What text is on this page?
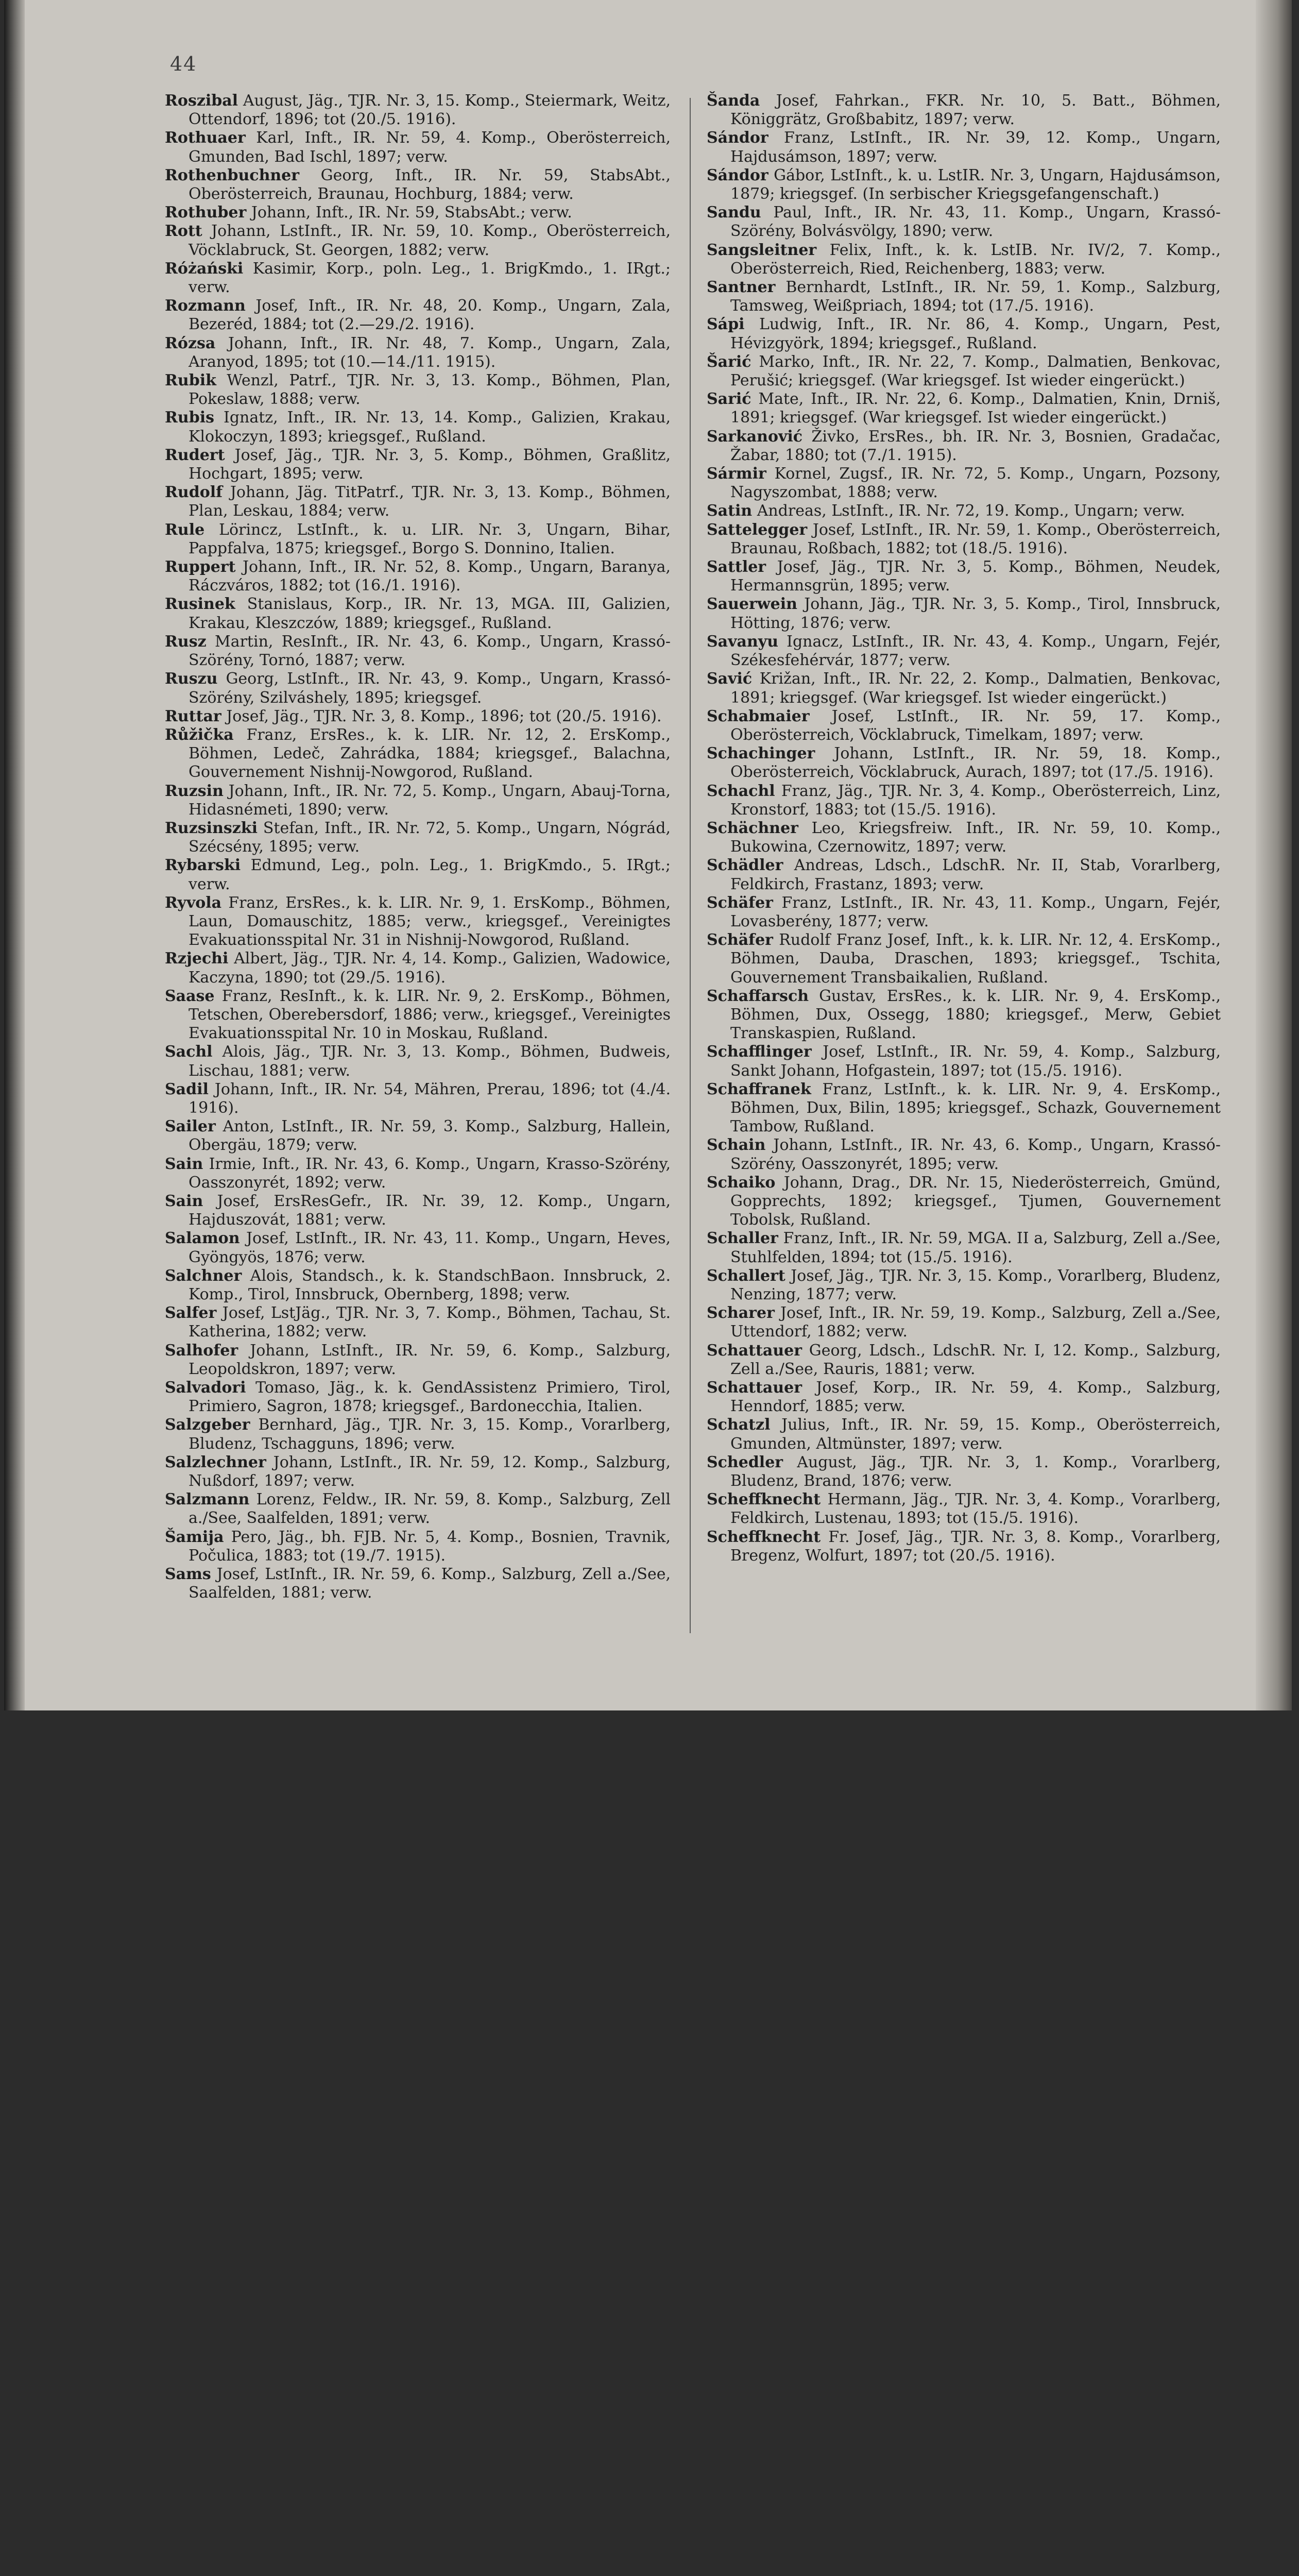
44

Roszibal August, Jäg., TJR. Nr. 3, 15. Komp., Steiermark, Weitz, Ottendorf, 1896; tot (20./5. 1916).

Rothuaer Karl, Inft., IR. Nr. 59, 4. Komp., Oberösterreich, Gmunden, Bad Ischl, 1897; verw.

Rothenbuchner Georg, Inft., IR. Nr. 59, StabsAbt., Oberösterreich, Braunau, Hochburg, 1884; verw.

Rothuber Johann, Inft., IR. Nr. 59, StabsAbt.; verw.

Rott Johann, LstInft., IR. Nr. 59, 10. Komp., Oberösterreich, Vöcklabruck, St. Georgen, 1882; verw.

Różański Kasimir, Korp., poln. Leg., 1. BrigKmdo., 1. IRgt.; verw.

Rozmann Josef, Inft., IR. Nr. 48, 20. Komp., Ungarn, Zala, Bezeréd, 1884; tot (2.—29./2. 1916).

Rózsa Johann, Inft., IR. Nr. 48, 7. Komp., Ungarn, Zala, Aranyod, 1895; tot (10.—14./11. 1915).

Rubik Wenzl, Patrf., TJR. Nr. 3, 13. Komp., Böhmen, Plan, Pokeslaw, 1888; verw.

Rubis Ignatz, Inft., IR. Nr. 13, 14. Komp., Galizien, Krakau, Klokoczyn, 1893; kriegsgef., Rußland.

Rudert Josef, Jäg., TJR. Nr. 3, 5. Komp., Böhmen, Graßlitz, Hochgart, 1895; verw.

Rudolf Johann, Jäg. TitPatrf., TJR. Nr. 3, 13. Komp., Böhmen, Plan, Leskau, 1884; verw.

Rule Lörincz, LstInft., k. u. LIR. Nr. 3, Ungarn, Bihar, Pappfalva, 1875; kriegsgef., Borgo S. Donnino, Italien.

Ruppert Johann, Inft., IR. Nr. 52, 8. Komp., Ungarn, Baranya, Ráczváros, 1882; tot (16./1. 1916).

Rusinek Stanislaus, Korp., IR. Nr. 13, MGA. III, Galizien, Krakau, Kleszczów, 1889; kriegsgef., Rußland.

Rusz Martin, ResInft., IR. Nr. 43, 6. Komp., Ungarn, Krassó-Szörény, Tornó, 1887; verw.

Ruszu Georg, LstInft., IR. Nr. 43, 9. Komp., Ungarn, Krassó-Szörény, Szilváshely, 1895; kriegsgef.

Ruttar Josef, Jäg., TJR. Nr. 3, 8. Komp., 1896; tot (20./5. 1916).

Růžička Franz, ErsRes., k. k. LIR. Nr. 12, 2. ErsKomp., Böhmen, Ledeč, Zahrádka, 1884; kriegsgef., Balachna, Gouvernement Nishnij-Nowgorod, Rußland.

Ruzsin Johann, Inft., IR. Nr. 72, 5. Komp., Ungarn, Abauj-Torna, Hidasnémeti, 1890; verw.

Ruzsinszki Stefan, Inft., IR. Nr. 72, 5. Komp., Ungarn, Nógrád, Szécsény, 1895; verw.

Rybarski Edmund, Leg., poln. Leg., 1. BrigKmdo., 5. IRgt.; verw.

Ryvola Franz, ErsRes., k. k. LIR. Nr. 9, 1. ErsKomp., Böhmen, Laun, Domauschitz, 1885; verw., kriegsgef., Vereinigtes Evakuationsspital Nr. 31 in Nishnij-Nowgorod, Rußland.

Rzjechi Albert, Jäg., TJR. Nr. 4, 14. Komp., Galizien, Wadowice, Kaczyna, 1890; tot (29./5. 1916).

Saase Franz, ResInft., k. k. LIR. Nr. 9, 2. ErsKomp., Böhmen, Tetschen, Oberebersdorf, 1886; verw., kriegsgef., Vereinigtes Evakuationsspital Nr. 10 in Moskau, Rußland.

Sachl Alois, Jäg., TJR. Nr. 3, 13. Komp., Böhmen, Budweis, Lischau, 1881; verw.

Sadil Johann, Inft., IR. Nr. 54, Mähren, Prerau, 1896; tot (4./4. 1916).

Sailer Anton, LstInft., IR. Nr. 59, 3. Komp., Salzburg, Hallein, Obergäu, 1879; verw.

Sain Irmie, Inft., IR. Nr. 43, 6. Komp., Ungarn, Krasso-Szörény, Oasszonyrét, 1892; verw.

Sain Josef, ErsResGefr., IR. Nr. 39, 12. Komp., Ungarn, Hajduszovát, 1881; verw.

Salamon Josef, LstInft., IR. Nr. 43, 11. Komp., Ungarn, Heves, Gyöngyös, 1876; verw.

Salchner Alois, Standsch., k. k. StandschBaon. Innsbruck, 2. Komp., Tirol, Innsbruck, Obernberg, 1898; verw.

Salfer Josef, LstJäg., TJR. Nr. 3, 7. Komp., Böhmen, Tachau, St. Katherina, 1882; verw.

Salhofer Johann, LstInft., IR. Nr. 59, 6. Komp., Salzburg, Leopoldskron, 1897; verw.

Salvadori Tomaso, Jäg., k. k. GendAssistenz Primiero, Tirol, Primiero, Sagron, 1878; kriegsgef., Bardonecchia, Italien.

Salzgeber Bernhard, Jäg., TJR. Nr. 3, 15. Komp., Vorarlberg, Bludenz, Tschagguns, 1896; verw.

Salzlechner Johann, LstInft., IR. Nr. 59, 12. Komp., Salzburg, Nußdorf, 1897; verw.

Salzmann Lorenz, Feldw., IR. Nr. 59, 8. Komp., Salzburg, Zell a./See, Saalfelden, 1891; verw.

Šamija Pero, Jäg., bh. FJB. Nr. 5, 4. Komp., Bosnien, Travnik, Počulica, 1883; tot (19./7. 1915).

Sams Josef, LstInft., IR. Nr. 59, 6. Komp., Salzburg, Zell a./See, Saalfelden, 1881; verw.

Šanda Josef, Fahrkan., FKR. Nr. 10, 5. Batt., Böhmen, Königgrätz, Großbabitz, 1897; verw.

Sándor Franz, LstInft., IR. Nr. 39, 12. Komp., Ungarn, Hajdusámson, 1897; verw.

Sándor Gábor, LstInft., k. u. LstIR. Nr. 3, Ungarn, Hajdusámson, 1879; kriegsgef. (In serbischer Kriegsgefangenschaft.)

Sandu Paul, Inft., IR. Nr. 43, 11. Komp., Ungarn, Krassó-Szörény, Bolvásvölgy, 1890; verw.

Sangsleitner Felix, Inft., k. k. LstIB. Nr. IV/2, 7. Komp., Oberösterreich, Ried, Reichenberg, 1883; verw.

Santner Bernhardt, LstInft., IR. Nr. 59, 1. Komp., Salzburg, Tamsweg, Weißpriach, 1894; tot (17./5. 1916).

Sápi Ludwig, Inft., IR. Nr. 86, 4. Komp., Ungarn, Pest, Hévizgyörk, 1894; kriegsgef., Rußland.

Šarić Marko, Inft., IR. Nr. 22, 7. Komp., Dalmatien, Benkovac, Perušić; kriegsgef. (War kriegsgef. Ist wieder eingerückt.)

Sarić Mate, Inft., IR. Nr. 22, 6. Komp., Dalmatien, Knin, Drniš, 1891; kriegsgef. (War kriegsgef. Ist wieder eingerückt.)

Sarkanović Živko, ErsRes., bh. IR. Nr. 3, Bosnien, Gradačac, Žabar, 1880; tot (7./1. 1915).

Sármir Kornel, Zugsf., IR. Nr. 72, 5. Komp., Ungarn, Pozsony, Nagyszombat, 1888; verw.

Satin Andreas, LstInft., IR. Nr. 72, 19. Komp., Ungarn; verw.

Sattelegger Josef, LstInft., IR. Nr. 59, 1. Komp., Oberösterreich, Braunau, Roßbach, 1882; tot (18./5. 1916).

Sattler Josef, Jäg., TJR. Nr. 3, 5. Komp., Böhmen, Neudek, Hermannsgrün, 1895; verw.

Sauerwein Johann, Jäg., TJR. Nr. 3, 5. Komp., Tirol, Innsbruck, Hötting, 1876; verw.

Savanyu Ignacz, LstInft., IR. Nr. 43, 4. Komp., Ungarn, Fejér, Székesfehérvár, 1877; verw.

Savić Križan, Inft., IR. Nr. 22, 2. Komp., Dalmatien, Benkovac, 1891; kriegsgef. (War kriegsgef. Ist wieder eingerückt.)

Schabmaier Josef, LstInft., IR. Nr. 59, 17. Komp., Oberösterreich, Vöcklabruck, Timelkam, 1897; verw.

Schachinger Johann, LstInft., IR. Nr. 59, 18. Komp., Oberösterreich, Vöcklabruck, Aurach, 1897; tot (17./5. 1916).

Schachl Franz, Jäg., TJR. Nr. 3, 4. Komp., Oberösterreich, Linz, Kronstorf, 1883; tot (15./5. 1916).

Schächner Leo, Kriegsfreiw. Inft., IR. Nr. 59, 10. Komp., Bukowina, Czernowitz, 1897; verw.

Schädler Andreas, Ldsch., LdschR. Nr. II, Stab, Vorarlberg, Feldkirch, Frastanz, 1893; verw.

Schäfer Franz, LstInft., IR. Nr. 43, 11. Komp., Ungarn, Fejér, Lovasberény, 1877; verw.

Schäfer Rudolf Franz Josef, Inft., k. k. LIR. Nr. 12, 4. ErsKomp., Böhmen, Dauba, Draschen, 1893; kriegsgef., Tschita, Gouvernement Transbaikalien, Rußland.

Schaffarsch Gustav, ErsRes., k. k. LIR. Nr. 9, 4. ErsKomp., Böhmen, Dux, Ossegg, 1880; kriegsgef., Merw, Gebiet Transkaspien, Rußland.

Schafflinger Josef, LstInft., IR. Nr. 59, 4. Komp., Salzburg, Sankt Johann, Hofgastein, 1897; tot (15./5. 1916).

Schaffranek Franz, LstInft., k. k. LIR. Nr. 9, 4. ErsKomp., Böhmen, Dux, Bilin, 1895; kriegsgef., Schazk, Gouvernement Tambow, Rußland.

Schain Johann, LstInft., IR. Nr. 43, 6. Komp., Ungarn, Krassó-Szörény, Oasszonyrét, 1895; verw.

Schaiko Johann, Drag., DR. Nr. 15, Niederösterreich, Gmünd, Gopprechts, 1892; kriegsgef., Tjumen, Gouvernement Tobolsk, Rußland.

Schaller Franz, Inft., IR. Nr. 59, MGA. II a, Salzburg, Zell a./See, Stuhlfelden, 1894; tot (15./5. 1916).

Schallert Josef, Jäg., TJR. Nr. 3, 15. Komp., Vorarlberg, Bludenz, Nenzing, 1877; verw.

Scharer Josef, Inft., IR. Nr. 59, 19. Komp., Salzburg, Zell a./See, Uttendorf, 1882; verw.

Schattauer Georg, Ldsch., LdschR. Nr. I, 12. Komp., Salzburg, Zell a./See, Rauris, 1881; verw.

Schattauer Josef, Korp., IR. Nr. 59, 4. Komp., Salzburg, Henndorf, 1885; verw.

Schatzl Julius, Inft., IR. Nr. 59, 15. Komp., Oberösterreich, Gmunden, Altmünster, 1897; verw.

Schedler August, Jäg., TJR. Nr. 3, 1. Komp., Vorarlberg, Bludenz, Brand, 1876; verw.

Scheffknecht Hermann, Jäg., TJR. Nr. 3, 4. Komp., Vorarlberg, Feldkirch, Lustenau, 1893; tot (15./5. 1916).

Scheffknecht Fr. Josef, Jäg., TJR. Nr. 3, 8. Komp., Vorarlberg, Bregenz, Wolfurt, 1897; tot (20./5. 1916).
